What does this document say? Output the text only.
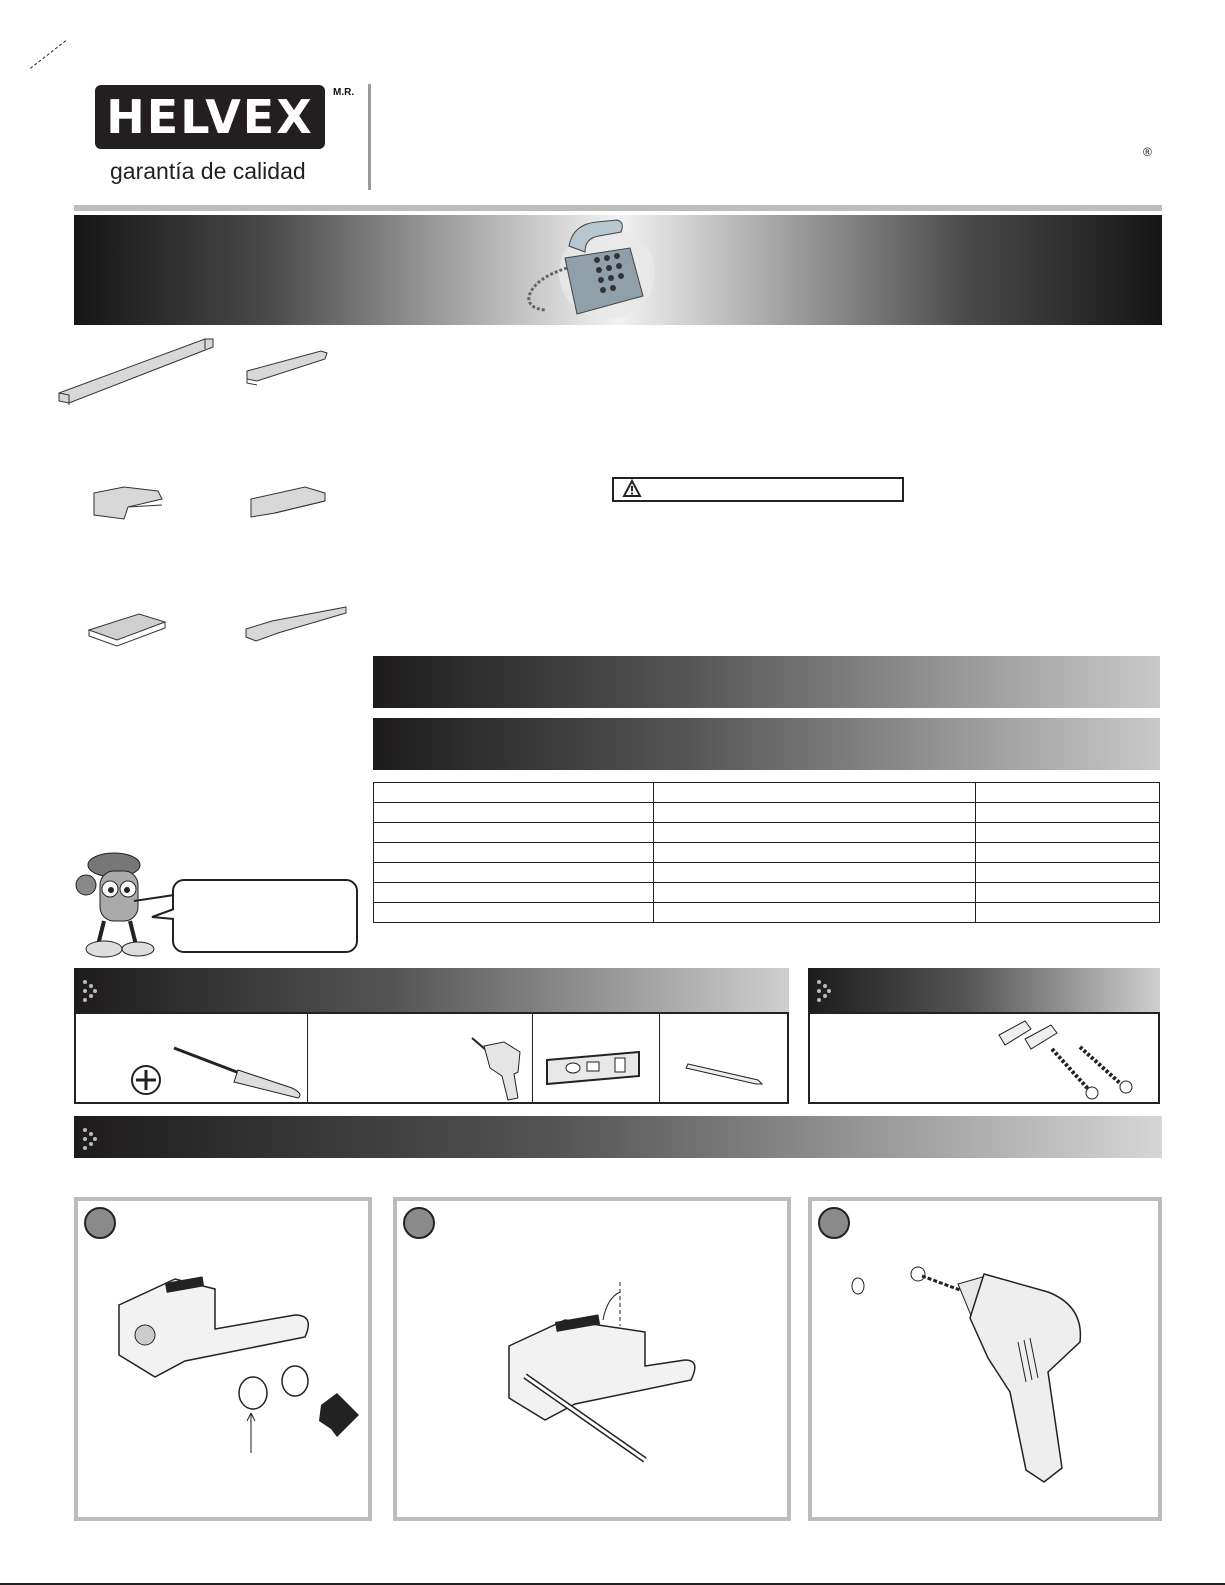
HELVEX	M.R.
garantía de calidad
®
